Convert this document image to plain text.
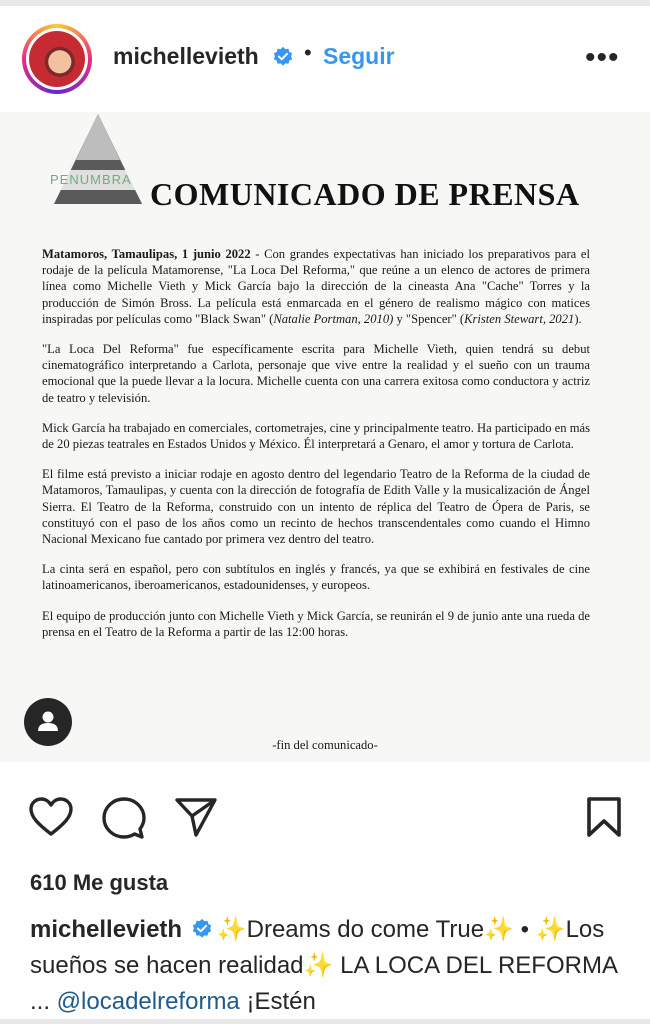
michellevieth • Seguir	•••
PENUMBRA COMUNICADO DE PRENSA

Matamoros, Tamaulipas, 1 junio 2022 - Con grandes expectativas han iniciado los preparativos para el rodaje de la película Matamorense, "La Loca Del Reforma," que reúne a un elenco de actores de primera línea como Michelle Vieth y Mick García bajo la dirección de la cineasta Ana "Cache" Torres y la producción de Simón Bross. La película está enmarcada en el género de realismo mágico con matices inspiradas por películas como "Black Swan" (Natalie Portman, 2010) y "Spencer" (Kristen Stewart, 2021).

"La Loca Del Reforma" fue específicamente escrita para Michelle Vieth, quien tendrá su debut cinematográfico interpretando a Carlota, personaje que vive entre la realidad y el sueño con un trauma emocional que la puede llevar a la locura. Michelle cuenta con una carrera exitosa como conductora y actriz de teatro y televisión.

Mick García ha trabajado en comerciales, cortometrajes, cine y principalmente teatro. Ha participado en más de 20 piezas teatrales en Estados Unidos y México. Él interpretará a Genaro, el amor y tortura de Carlota.

El filme está previsto a iniciar rodaje en agosto dentro del legendario Teatro de la Reforma de la ciudad de Matamoros, Tamaulipas, y cuenta con la dirección de fotografía de Edith Valle y la musicalización de Ángel Sierra. El Teatro de la Reforma, construido con un intento de réplica del Teatro de Ópera de Paris, se constituyó con el paso de los años como un recinto de hechos transcendentales como cuando el Himno Nacional Mexicano fue cantado por primera vez dentro del teatro.

La cinta será en español, pero con subtítulos en inglés y francés, ya que se exhibirá en festivales de cine latinoamericanos, iberoamericanos, estadounidenses, y europeos.

El equipo de producción junto con Michelle Vieth y Mick García, se reunirán el 9 de junio ante una rueda de prensa en el Teatro de la Reforma a partir de las 12:00 horas.

-fin del comunicado-
610 Me gusta
michellevieth ✨Dreams do come True✨ • ✨Los sueños se hacen realidad✨ LA LOCA DEL REFORMA ... @locadelreforma ¡Estén
